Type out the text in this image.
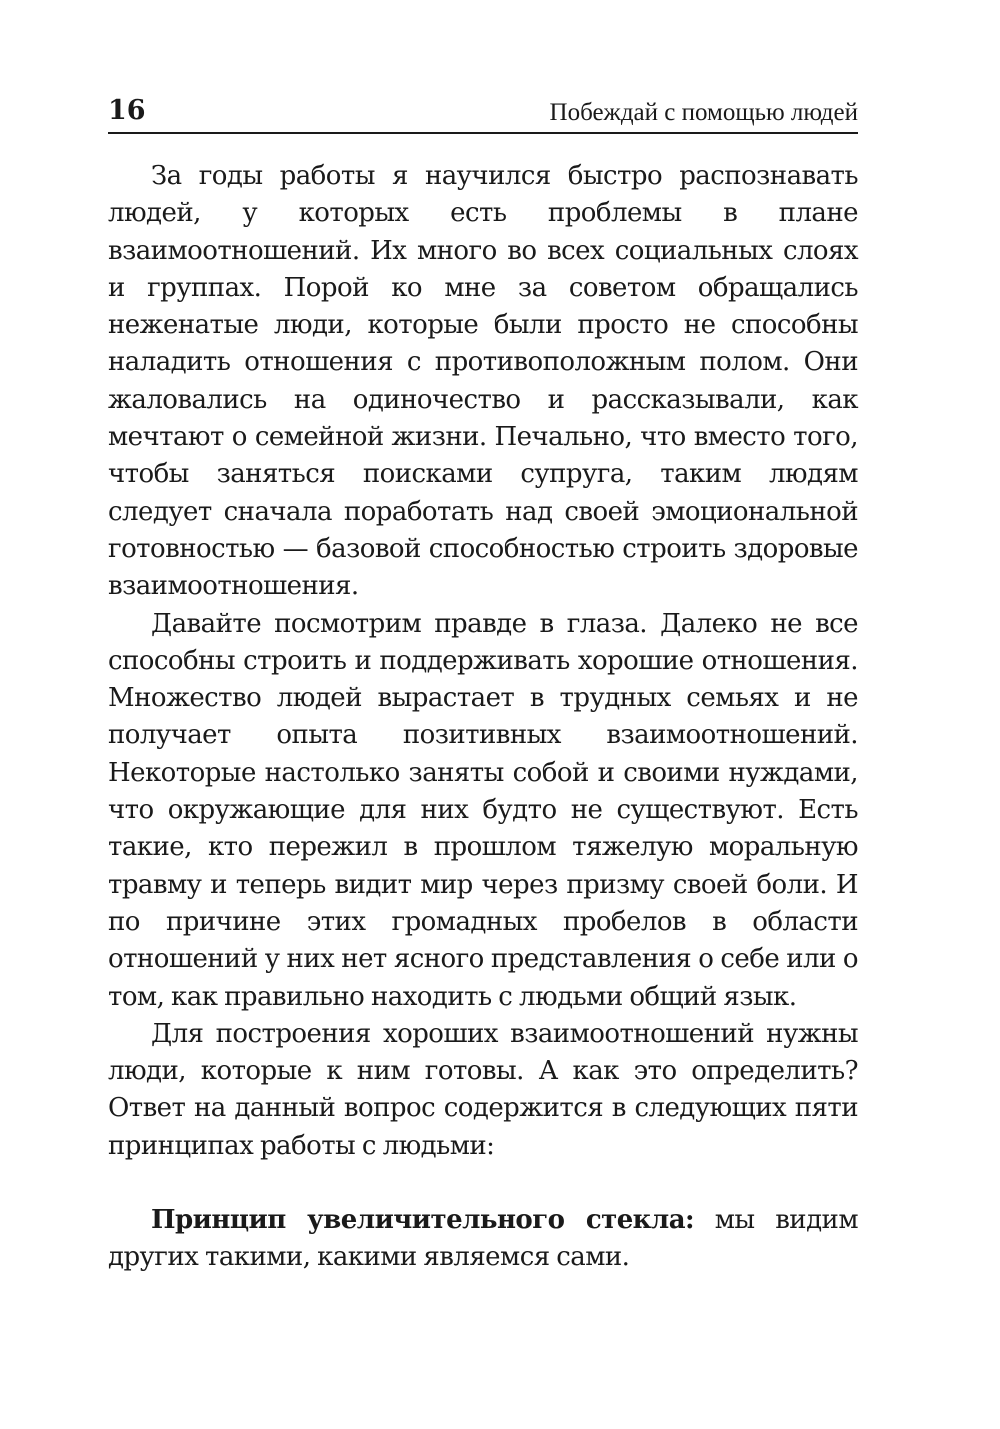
16	Побеждай с помощью людей

За годы работы я научился быстро распознавать людей, у которых есть проблемы в плане взаимоотношений. Их много во всех социальных слоях и группах. Порой ко мне за советом обращались неженатые люди, которые были просто не способны наладить отношения с противоположным полом. Они жаловались на одиночество и рассказывали, как мечтают о семейной жизни. Печально, что вместо того, чтобы заняться поисками супруга, таким людям следует сначала поработать над своей эмоциональной готовностью — базовой способностью строить здоровые взаимоотношения.

Давайте посмотрим правде в глаза. Далеко не все способны строить и поддерживать хорошие отношения. Множество людей вырастает в трудных семьях и не получает опыта позитивных взаимоотношений. Некоторые настолько заняты собой и своими нуждами, что окружающие для них будто не существуют. Есть такие, кто пережил в прошлом тяжелую моральную травму и теперь видит мир через призму своей боли. И по причине этих громадных пробелов в области отношений у них нет ясного представления о себе или о том, как правильно находить с людьми общий язык.

Для построения хороших взаимоотношений нужны люди, которые к ним готовы. А как это определить? Ответ на данный вопрос содержится в следующих пяти принципах работы с людьми:

Принцип увеличительного стекла: мы видим других такими, какими являемся сами.
